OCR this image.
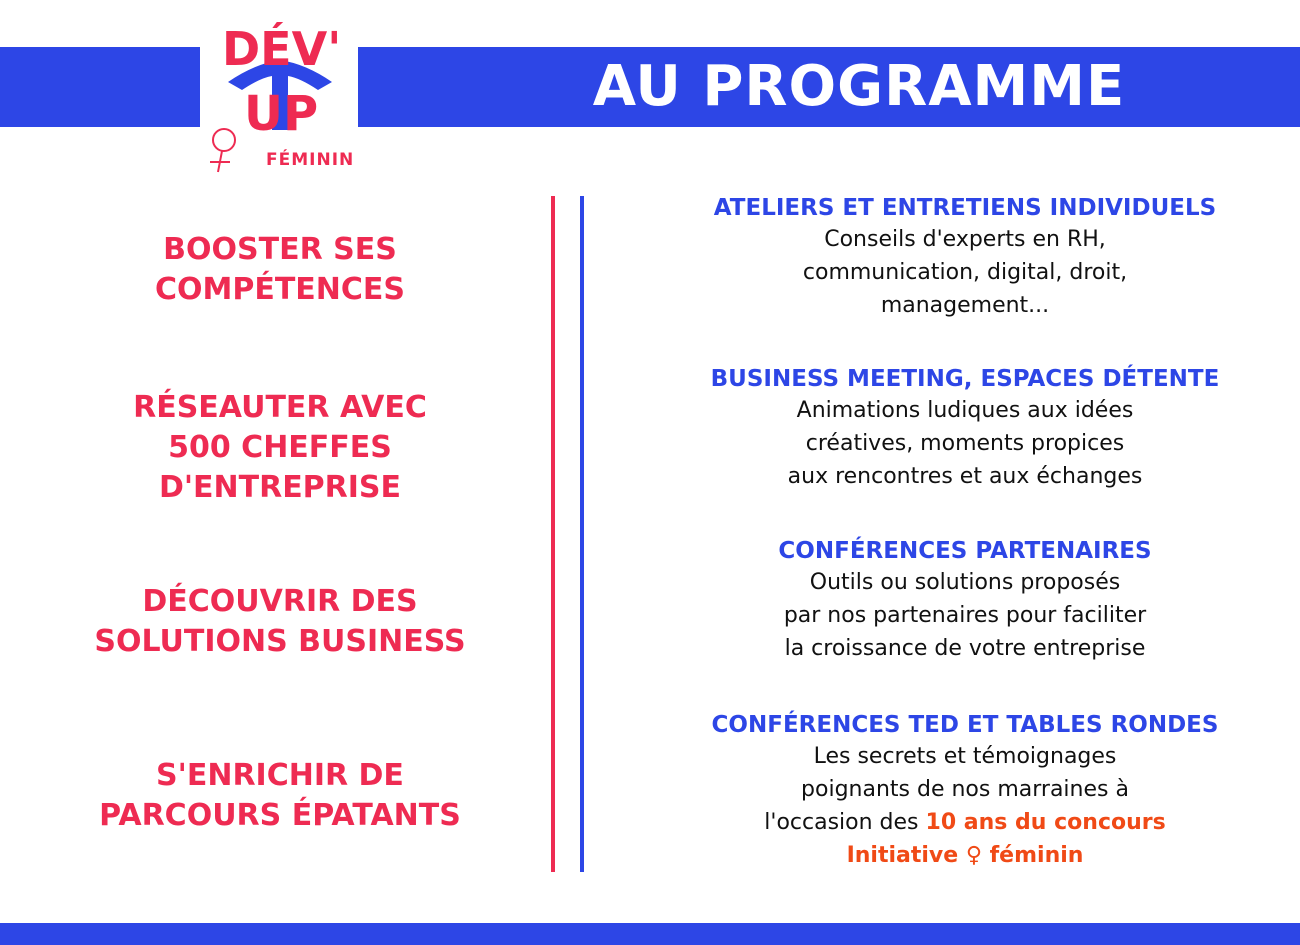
AU PROGRAMME
DÉV'
UP
FÉMININ
BOOSTER SES
COMPÉTENCES
RÉSEAUTER AVEC
500 CHEFFES
D'ENTREPRISE
DÉCOUVRIR DES
SOLUTIONS BUSINESS
S'ENRICHIR DE
PARCOURS ÉPATANTS
ATELIERS ET ENTRETIENS INDIVIDUELS
Conseils d'experts en RH,
communication, digital, droit,
management...
BUSINESS MEETING, ESPACES DÉTENTE
Animations ludiques aux idées
créatives, moments propices
aux rencontres et aux échanges
CONFÉRENCES PARTENAIRES
Outils ou solutions proposés
par nos partenaires pour faciliter
la croissance de votre entreprise
CONFÉRENCES TED ET TABLES RONDES
Les secrets et témoignages
poignants de nos marraines à
l'occasion des 10 ans du concours
Initiative ♀ féminin
